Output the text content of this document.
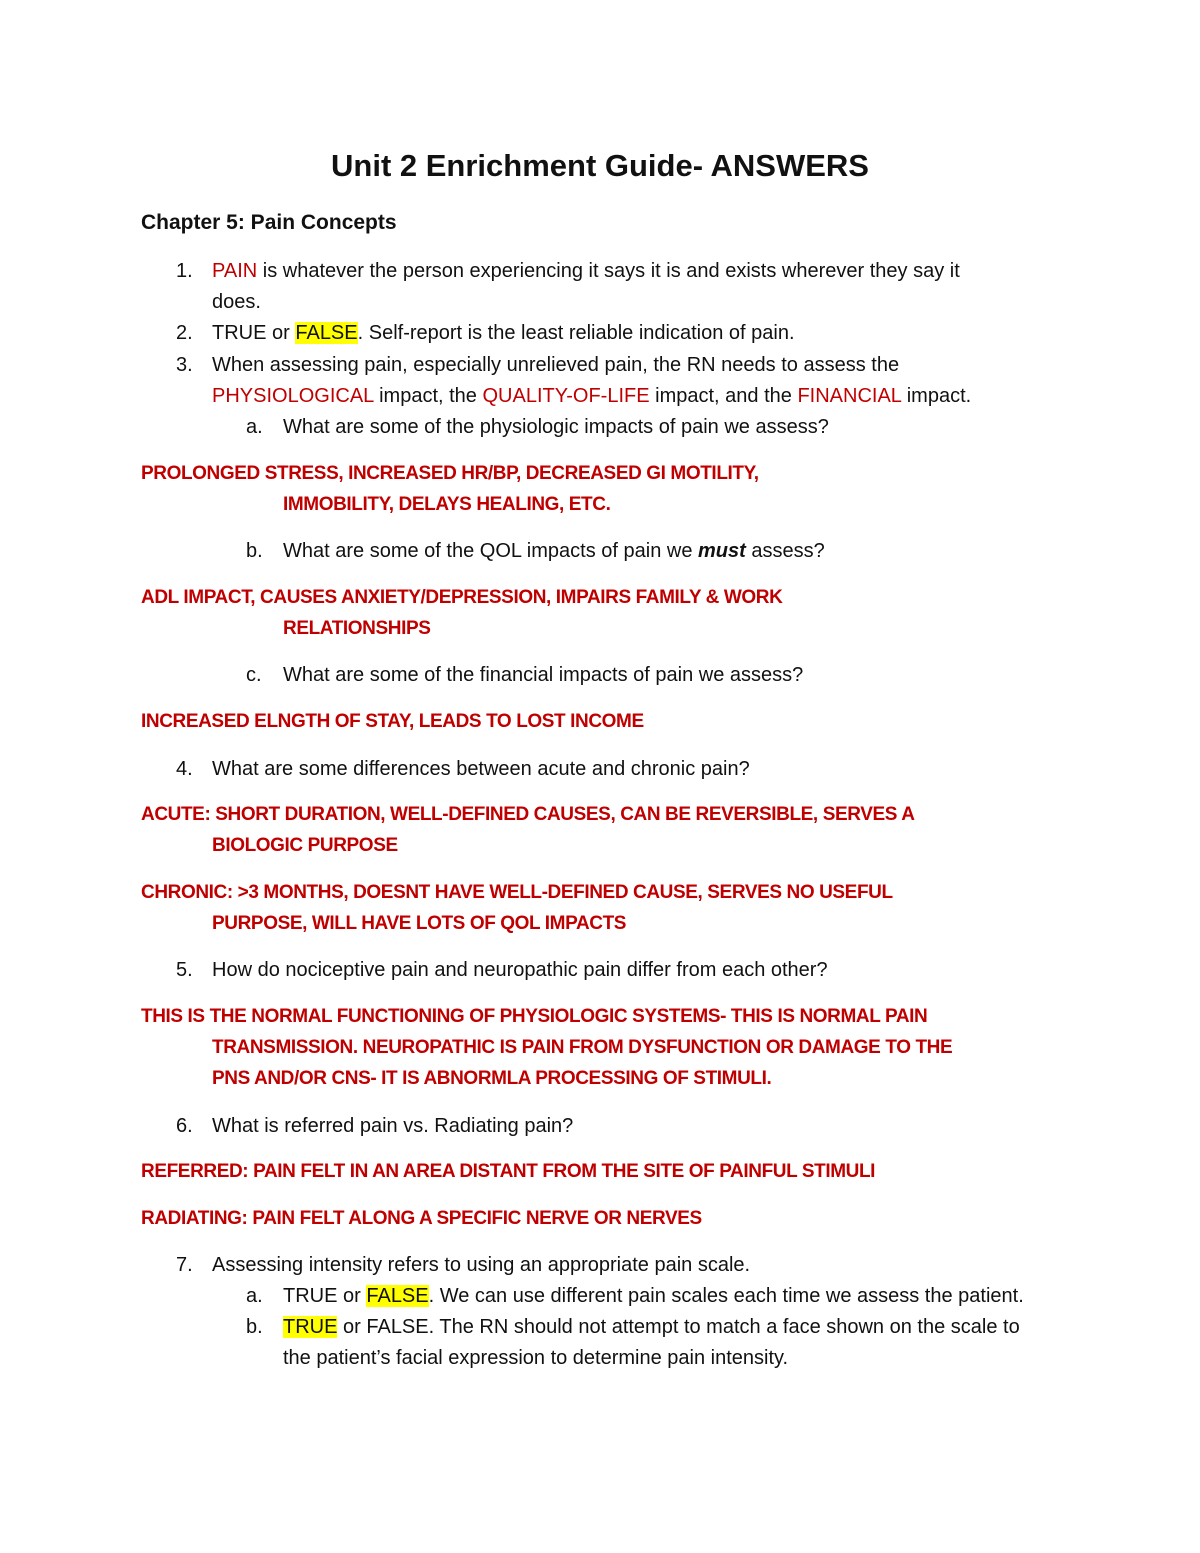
Unit 2 Enrichment Guide- ANSWERS
Chapter 5: Pain Concepts
1. PAIN is whatever the person experiencing it says it is and exists wherever they say it
does.
2. TRUE or FALSE. Self-report is the least reliable indication of pain.
3. When assessing pain, especially unrelieved pain, the RN needs to assess the
PHYSIOLOGICAL impact, the QUALITY-OF-LIFE impact, and the FINANCIAL impact.
a. What are some of the physiologic impacts of pain we assess?
PROLONGED STRESS, INCREASED HR/BP, DECREASED GI MOTILITY,
IMMOBILITY, DELAYS HEALING, ETC.
b. What are some of the QOL impacts of pain we must assess?
ADL IMPACT, CAUSES ANXIETY/DEPRESSION, IMPAIRS FAMILY & WORK
RELATIONSHIPS
c. What are some of the financial impacts of pain we assess?
INCREASED ELNGTH OF STAY, LEADS TO LOST INCOME
4. What are some differences between acute and chronic pain?
ACUTE: SHORT DURATION, WELL-DEFINED CAUSES, CAN BE REVERSIBLE, SERVES A
BIOLOGIC PURPOSE
CHRONIC: >3 MONTHS, DOESNT HAVE WELL-DEFINED CAUSE, SERVES NO USEFUL
PURPOSE, WILL HAVE LOTS OF QOL IMPACTS
5. How do nociceptive pain and neuropathic pain differ from each other?
THIS IS THE NORMAL FUNCTIONING OF PHYSIOLOGIC SYSTEMS- THIS IS NORMAL PAIN
TRANSMISSION. NEUROPATHIC IS PAIN FROM DYSFUNCTION OR DAMAGE TO THE
PNS AND/OR CNS- IT IS ABNORMLA PROCESSING OF STIMULI.
6. What is referred pain vs. Radiating pain?
REFERRED: PAIN FELT IN AN AREA DISTANT FROM THE SITE OF PAINFUL STIMULI
RADIATING: PAIN FELT ALONG A SPECIFIC NERVE OR NERVES
7. Assessing intensity refers to using an appropriate pain scale.
a. TRUE or FALSE. We can use different pain scales each time we assess the patient.
b. TRUE or FALSE. The RN should not attempt to match a face shown on the scale to
the patient’s facial expression to determine pain intensity.
